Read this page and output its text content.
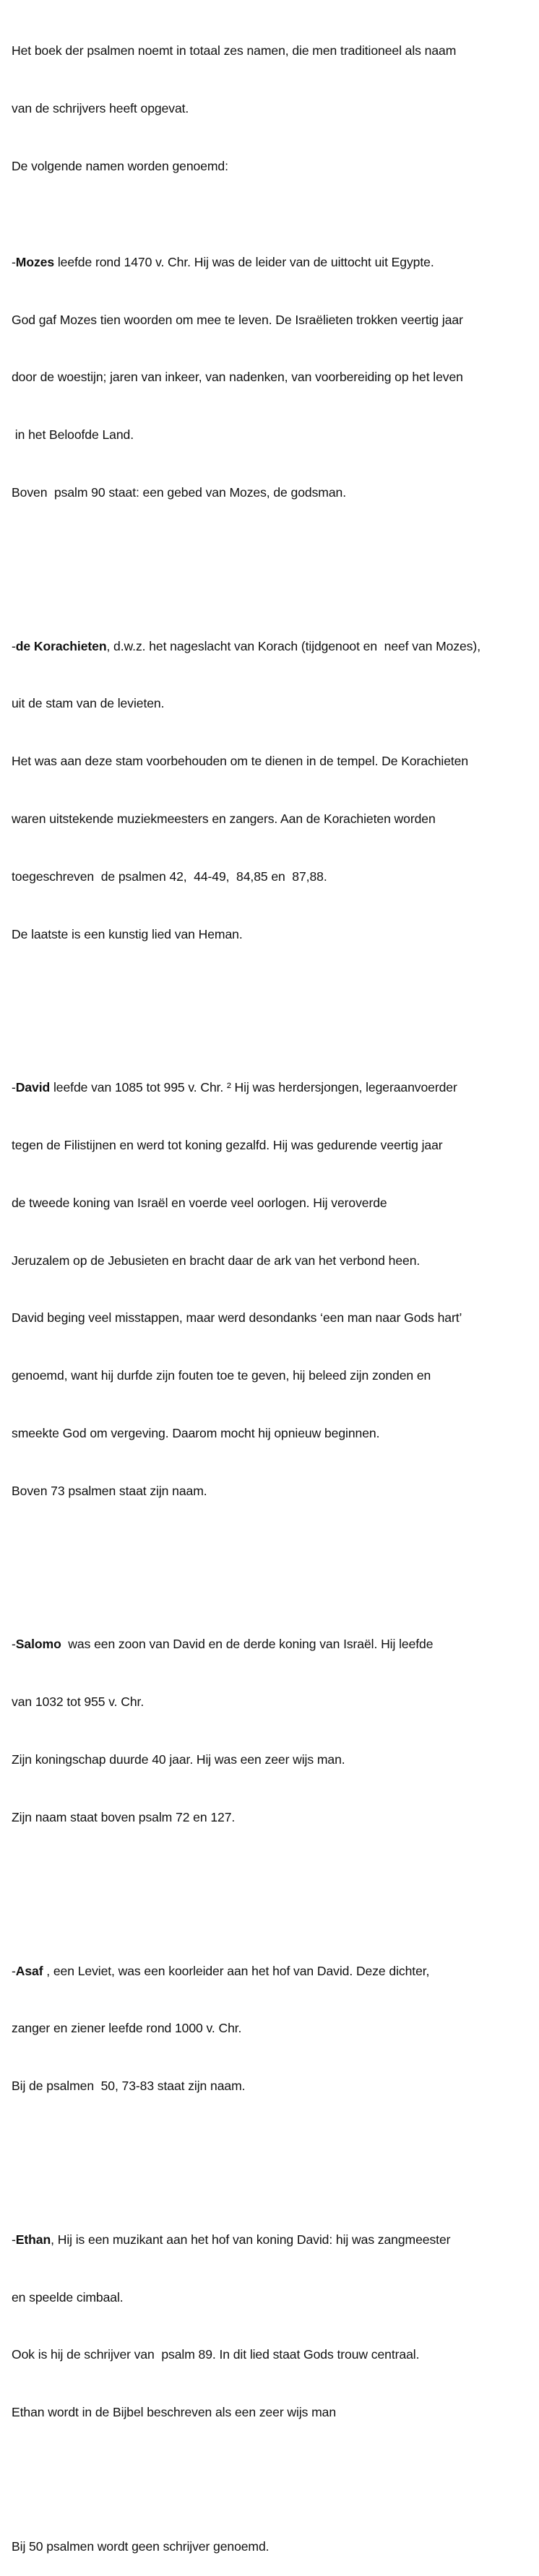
Het boek der psalmen noemt in totaal zes namen, die men traditioneel als naam

van de schrijvers heeft opgevat.

De volgende namen worden genoemd:

-Mozes leefde rond 1470 v. Chr. Hij was de leider van de uittocht uit Egypte.

God gaf Mozes tien woorden om mee te leven. De Israëlieten trokken veertig jaar

door de woestijn; jaren van inkeer, van nadenken, van voorbereiding op het leven

in het Beloofde Land.

Boven  psalm 90 staat: een gebed van Mozes, de godsman.

-de Korachieten, d.w.z. het nageslacht van Korach (tijdgenoot en  neef van Mozes),

uit de stam van de levieten.

Het was aan deze stam voorbehouden om te dienen in de tempel. De Korachieten

waren uitstekende muziekmeesters en zangers. Aan de Korachieten worden

toegeschreven  de psalmen 42,  44-49,  84,85 en  87,88.

De laatste is een kunstig lied van Heman.

-David leefde van 1085 tot 995 v. Chr. ² Hij was herdersjongen, legeraanvoerder

tegen de Filistijnen en werd tot koning gezalfd. Hij was gedurende veertig jaar

de tweede koning van Israël en voerde veel oorlogen. Hij veroverde

Jeruzalem op de Jebusieten en bracht daar de ark van het verbond heen.

David beging veel misstappen, maar werd desondanks ‘een man naar Gods hart’

genoemd, want hij durfde zijn fouten toe te geven, hij beleed zijn zonden en

smeekte God om vergeving. Daarom mocht hij opnieuw beginnen.

Boven 73 psalmen staat zijn naam.

-Salomo  was een zoon van David en de derde koning van Israël. Hij leefde

van 1032 tot 955 v. Chr.

Zijn koningschap duurde 40 jaar. Hij was een zeer wijs man.

Zijn naam staat boven psalm 72 en 127.

-Asaf , een Leviet, was een koorleider aan het hof van David. Deze dichter,

zanger en ziener leefde rond 1000 v. Chr.

Bij de psalmen  50, 73-83 staat zijn naam.

-Ethan, Hij is een muzikant aan het hof van koning David: hij was zangmeester

en speelde cimbaal.

Ook is hij de schrijver van  psalm 89. In dit lied staat Gods trouw centraal.

Ethan wordt in de Bijbel beschreven als een zeer wijs man

Bij 50 psalmen wordt geen schrijver genoemd.
